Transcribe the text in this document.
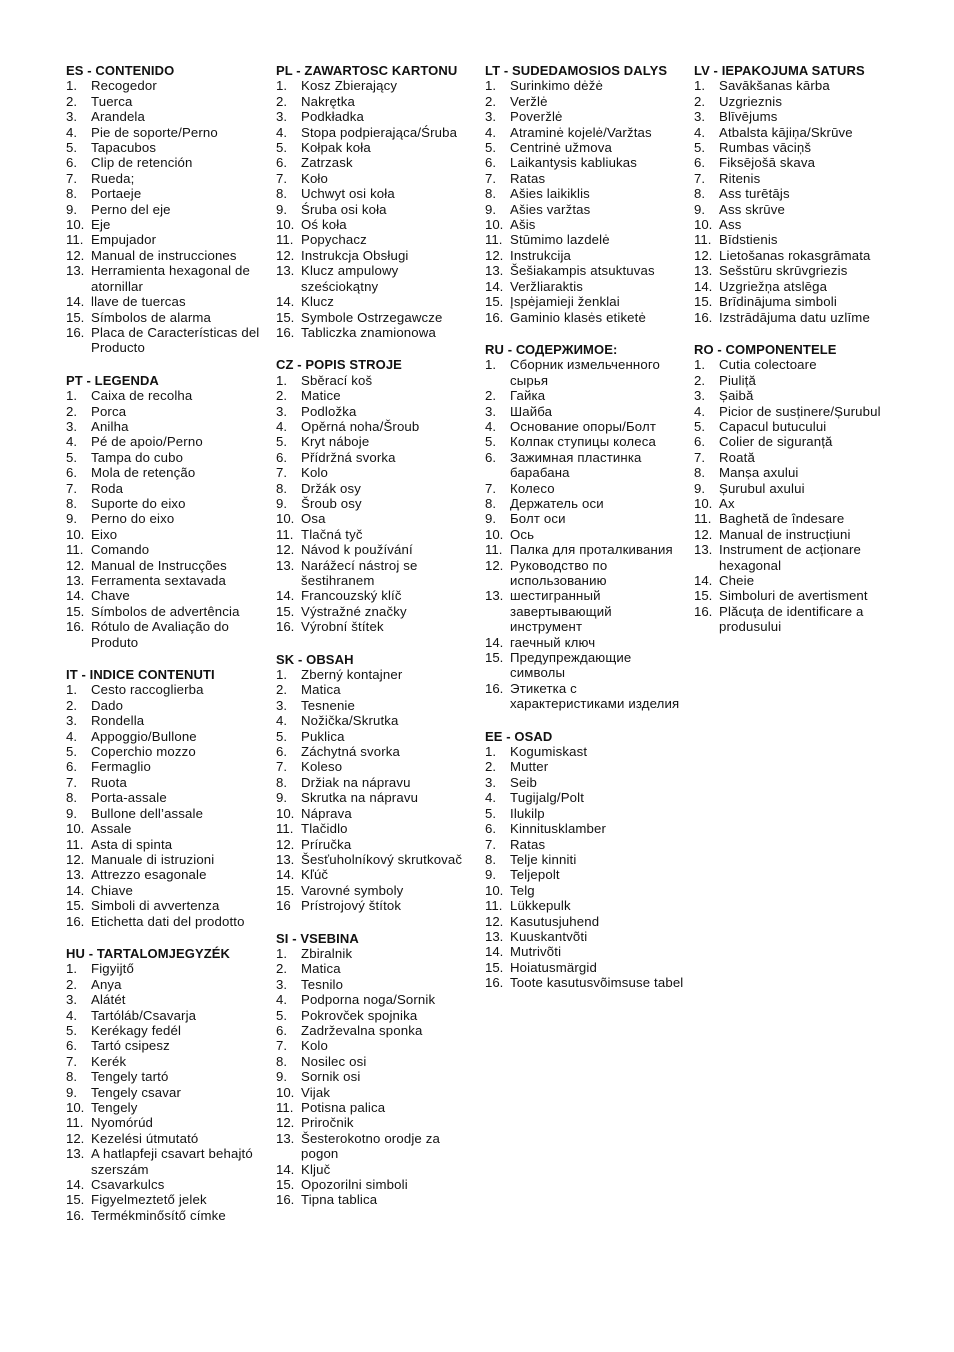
ES - CONTENIDO
1.	Recogedor
2.	Tuerca
3.	Arandela
4.	Pie de soporte/Perno
5.	Tapacubos
6.	Clip de retención
7.	Rueda;
8.	Portaeje
9.	Perno del eje
10. Eje
11. Empujador
12. Manual de instrucciones
13. Herramienta hexagonal de atornillar
14. llave de tuercas
15. Símbolos de alarma
16. Placa de Características del Producto
PT - LEGENDA
1.	Caixa de recolha
2.	Porca
3.	Anilha
4.	Pé de apoio/Perno
5.	Tampa do cubo
6.	Mola de retenção
7.	Roda
8.	Suporte do eixo
9.	Perno do eixo
10. Eixo
11. Comando
12. Manual de Instrucções
13. Ferramenta sextavada
14. Chave
15. Símbolos de advertência
16. Rótulo de Avaliação do Produto
IT - INDICE CONTENUTI
1.	Cesto raccoglierba
2.	Dado
3.	Rondella
4.	Appoggio/Bullone
5.	Coperchio mozzo
6.	Fermaglio
7.	Ruota
8.	Porta-assale
9.	Bullone dell’assale
10. Assale
11. Asta di spinta
12. Manuale di istruzioni
13. Attrezzo esagonale
14. Chiave
15. Simboli di avvertenza
16. Etichetta dati del prodotto
HU - TARTALOMJEGYZÉK
1.	Figyijtő
2.	Anya
3.	Alátét
4.	Tartóláb/Csavarja
5.	Kerékagy fedél
6.	Tartó csipesz
7.	Kerék
8.	Tengely tartó
9.	Tengely csavar
10. Tengely
11. Nyomórúd
12. Kezelési útmutató
13. A hatlapfeji csavart behajtó szerszám
14. Csavarkulcs
15. Figyelmeztető jelek
16. Termékminősítő címke
PL - ZAWARTOSC KARTONU
1.	Kosz Zbierający
2.	Nakrętka
3.	Podkładka
4.	Stopa podpierająca/Śruba
5.	Kołpak koła
6.	Zatrzask
7.	Koło
8.	Uchwyt osi koła
9.	Śruba osi koła
10. Oś koła
11. Popychacz
12. Instrukcja Obsługi
13. Klucz ampulowy sześciokątny
14. Klucz
15. Symbole Ostrzegawcze
16. Tabliczka znamionowa
CZ - POPIS STROJE
1.	Sběrací koš
2.	Matice
3.	Podložka
4.	Opěrná noha/Šroub
5.	Kryt náboje
6.	Přídržná svorka
7.	Kolo
8.	Držák osy
9.	Šroub osy
10. Osa
11. Tlačná tyč
12. Návod k používání
13. Narážecí nástroj se šestihranem
14. Francouzský klíč
15. Výstražné značky
16. Výrobní štítek
SK - OBSAH
1.	Zberný kontajner
2.	Matica
3.	Tesnenie
4.	Nožička/Skrutka
5.	Puklica
6.	Záchytná svorka
7.	Koleso
8.	Držiak na nápravu
9.	Skrutka na nápravu
10. Náprava
11. Tlačidlo
12. Príručka
13. Šesťuholníkový skrutkovač
14. Kľúč
15. Varovné symboly
16 Prístrojový štítok
SI - VSEBINA
1.	Zbiralnik
2.	Matica
3.	Tesnilo
4.	Podporna noga/Sornik
5.	Pokrovček spojnika
6.	Zadrževalna sponka
7.	Kolo
8.	Nosilec osi
9.	Sornik osi
10. Vijak
11. Potisna palica
12. Priročnik
13. Šesterokotno orodje za pogon
14. Ključ
15. Opozorilni simboli
16. Tipna tablica
LT - SUDEDAMOSIOS DALYS
1.	Surinkimo dėžė
2.	Veržlė
3.	Poveržlė
4.	Atraminė kojelė/Varžtas
5.	Centrinė užmova
6.	Laikantysis kabliukas
7.	Ratas
8.	Ašies laikiklis
9.	Ašies varžtas
10. Ašis
11. Stūmimo lazdelė
12. Instrukcija
13. Šešiakampis atsuktuvas
14. Veržliaraktis
15. Įspėjamieji ženklai
16. Gaminio klasės etiketė
RU - СОДЕРЖИМОЕ:
1.	Сборник измельченного сырья
2.	Гайка
3.	Шайба
4.	Основание опоры/Болт
5.	Колпак ступицы колеса
6.	Зажимная пластинка барабана
7.	Колесо
8.	Держатель оси
9.	Болт оси
10. Ось
11. Палка для проталкивания
12. Руководство по использованию
13. шестигранный завертывающий инструмент
14. гаечный ключ
15. Предупреждающие символы
16. Этикетка с характеристиками изделия
EE - OSAD
1.	Kogumiskast
2.	Mutter
3.	Seib
4.	Tugijalg/Polt
5.	Ilukilp
6.	Kinnitusklamber
7.	Ratas
8.	Telje kinniti
9.	Teljepolt
10. Telg
11. Lükkepulk
12. Kasutusjuhend
13. Kuuskantvõti
14. Mutrivõti
15. Hoiatusmärgid
16. Toote kasutusvõimsuse tabel
LV - IEPAKOJUMA SATURS
1.	Savākšanas kārba
2.	Uzgrieznis
3.	Blīvējums
4.	Atbalsta kājiņa/Skrūve
5.	Rumbas vāciņš
6.	Fiksējošā skava
7.	Ritenis
8.	Ass turētājs
9.	Ass skrūve
10. Ass
11. Bīdstienis
12. Lietošanas rokasgrāmata
13. Sešstūru skrūvgriezis
14. Uzgriežņa atslēga
15. Brīdinājuma simboli
16. Izstrādājuma datu uzlīme
RO - COMPONENTELE
1.	Cutia colectoare
2.	Piuliță
3.	Șaibă
4.	Picior de susținere/Șurubul
5.	Capacul butucului
6.	Colier de siguranță
7.	Roată
8.	Manșa axului
9.	Șurubul axului
10. Ax
11. Baghetă de îndesare
12. Manual de instrucțiuni
13. Instrument de acționare hexagonal
14. Cheie
15. Simboluri de avertisment
16. Plăcuța de identificare a produsului
